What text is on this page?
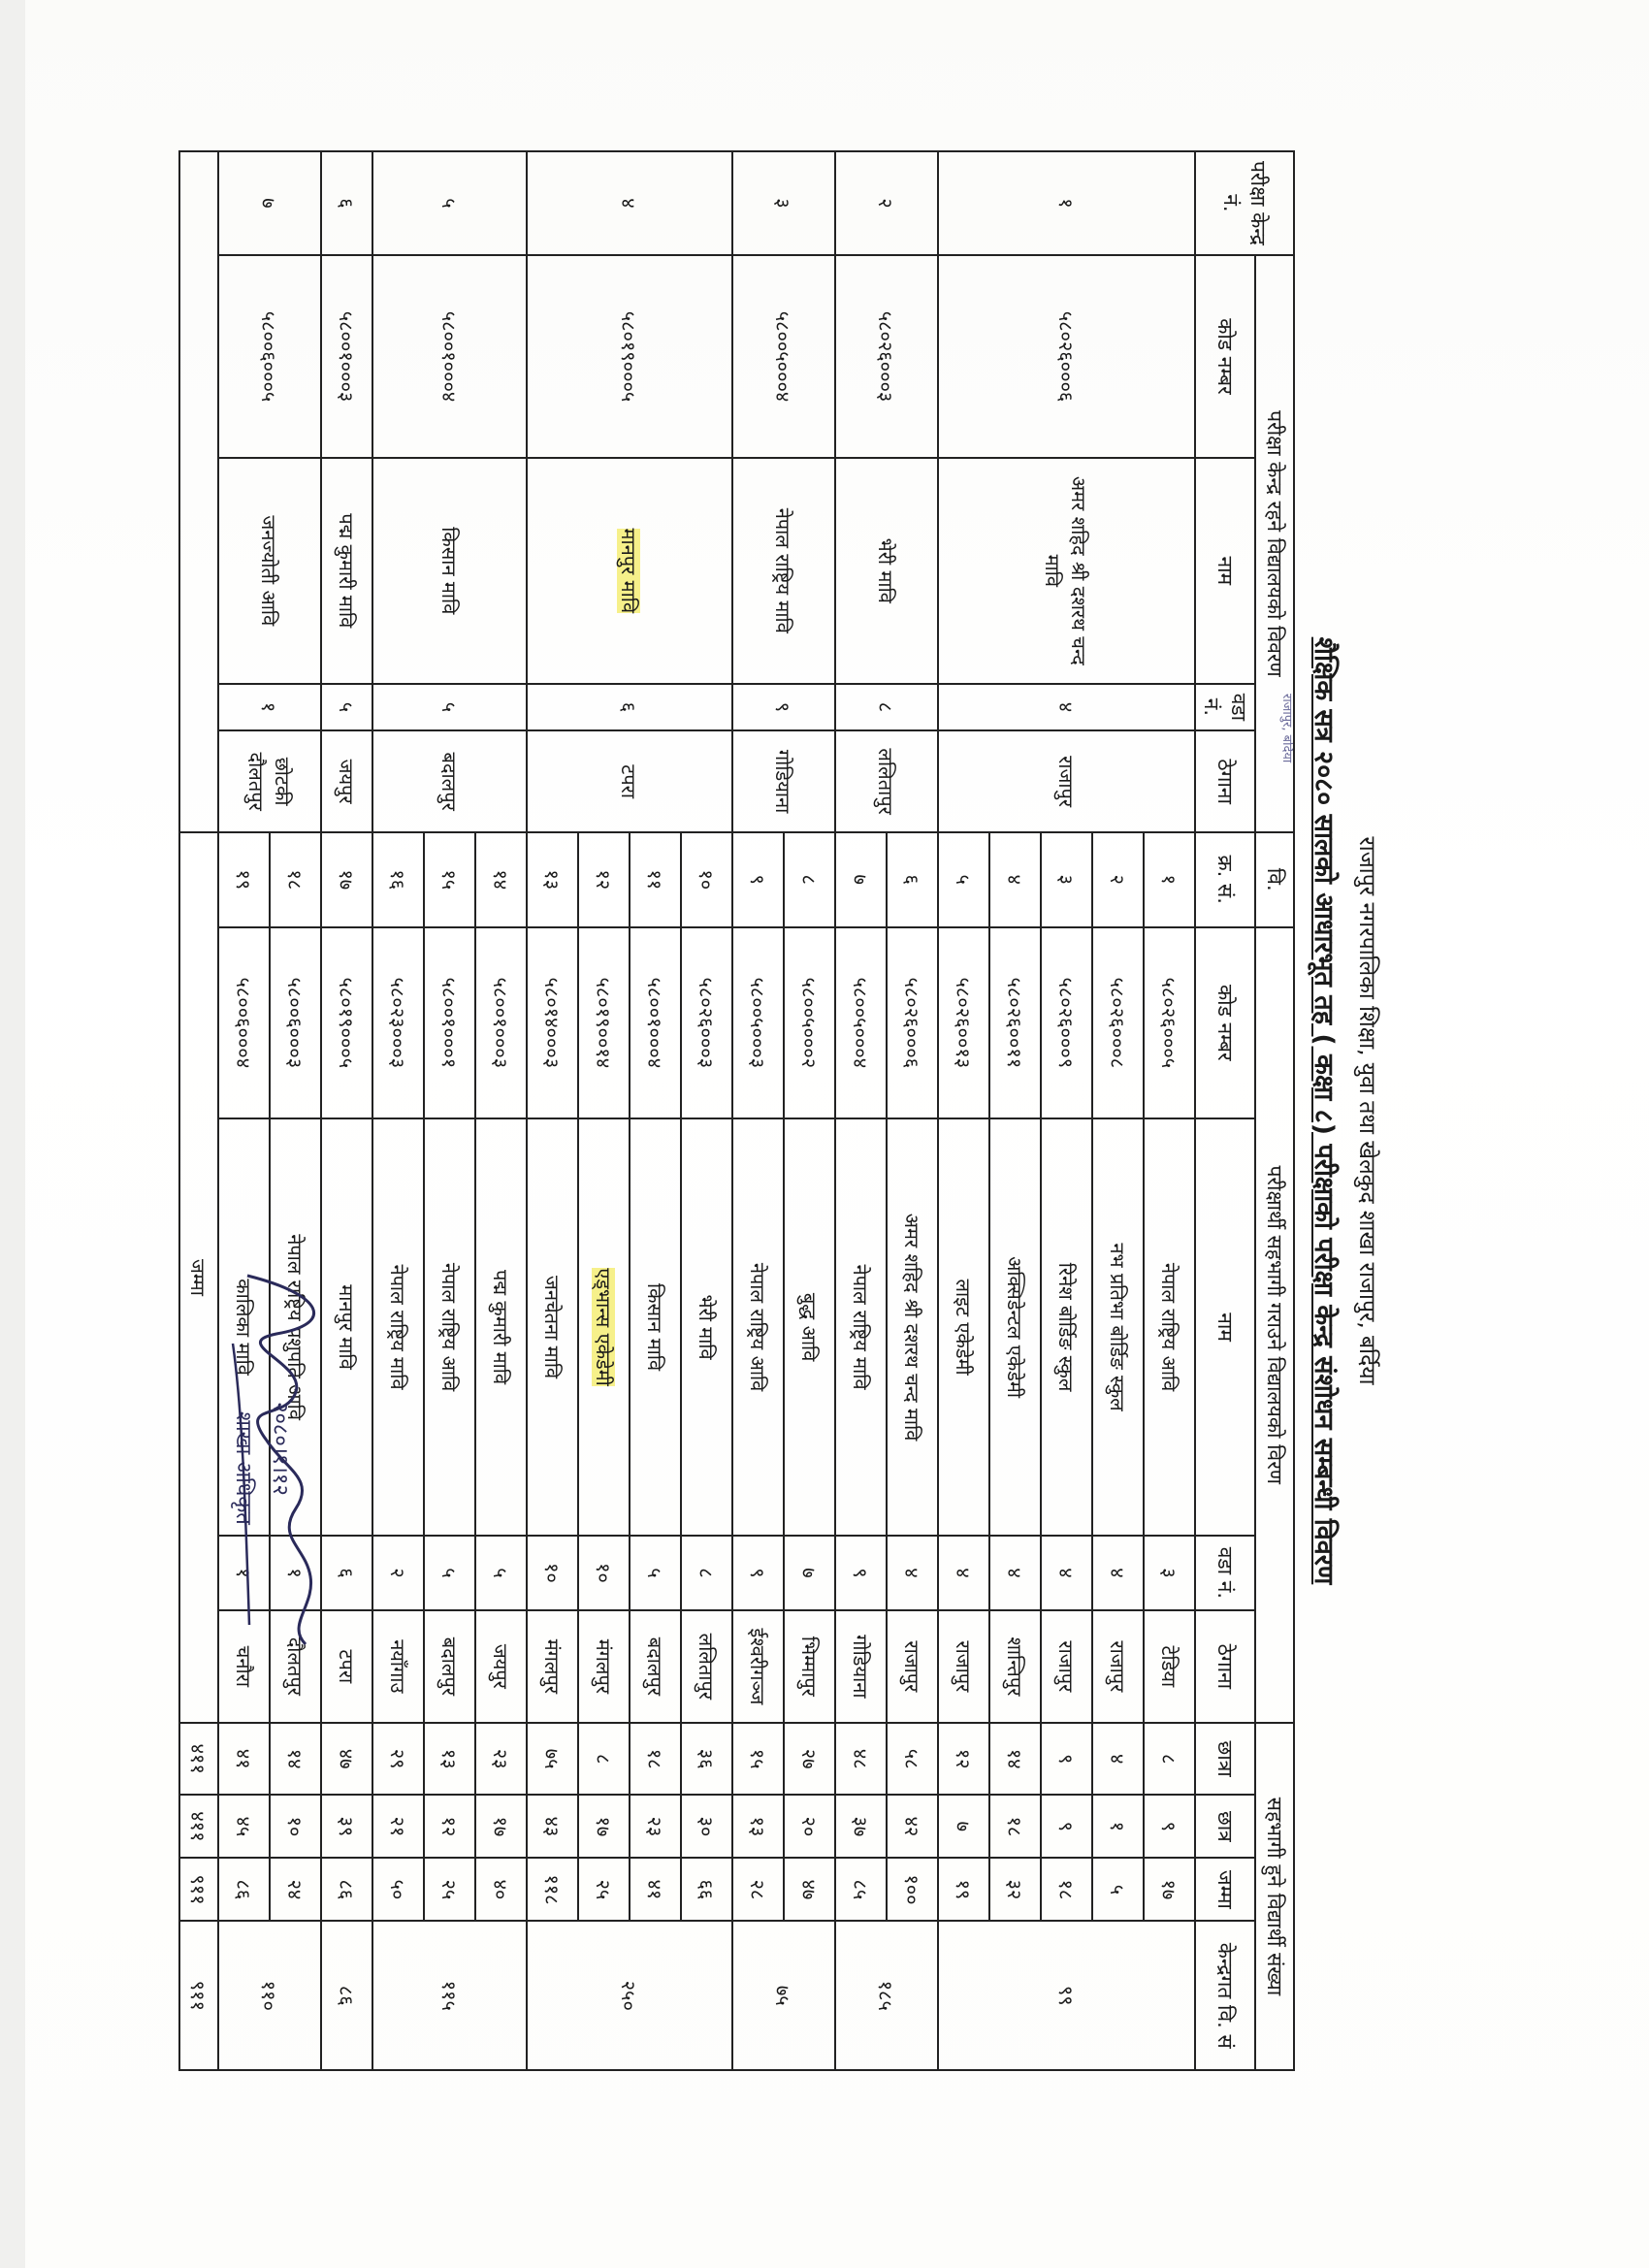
राजापुर नगरपालिका शिक्षा, युवा तथा खेलकुद शाखा राजापुर, बर्दिया
शैक्षिक सत्र २०८० सालको आधारभूत तह ( कक्षा ८) परीक्षाको परीक्षा केन्द्र संशोधन सम्बन्धी विवरण
राजापुर, बर्दिया
परीक्षा केन्द्र नं.	परीक्षा केन्द्र रहने विद्यालयको विवरण				वि.	परीक्षार्थी सहभागी गराउने विद्यालयको विरण				सहभागी हुने विद्यार्थी संख्या			
	कोड नम्बर	नाम	वडा नं.	ठेगाना	क्र. सं.	कोड नम्बर	नाम	वडा नं.	ठेगाना	छात्रा	छात्र	जम्मा	केन्द्रगत वि. सं
१	५८०२६०००६	अमर शहिद श्री दशरथ चन्द मावि	४	राजापुर	१	५८०२६०००५	नेपाल राष्ट्रिय आवि	३	टेडिया	८	९	१७	९९
					२	५८०२६०००८	नभ प्रतिभा बोर्डिङ स्कुल	४	राजापुर	४	१	५	
					३	५८०२६०००९	रिनेश बोर्डिङ स्कुल	४	राजापुर	९	९	१८	
					४	५८०२६००११	अक्सिडेन्टल एकेडेमी	४	शान्तिपुर	१४	१८	३२	
					५	५८०२६००१३	लाइट एकेडेमी	४	राजापुर	१२	७	१९	
२	५८०२६०००३	भेरी मावि	८	ललितापुर	६	५८०२६०००६	अमर शहिद श्री दशरथ चन्द मावि	४	राजापुर	५८	४२	१००	१८५
					७	५८००५०००४	नेपाल राष्ट्रिय मावि	९	गोडियाना	४८	३७	८५	
३	५८००५०००४	नेपाल राष्ट्रिय मावि	९	गोडियाना	८	५८००५०००२	बुद्ध आवि	७	भिम्मापुर	२७	२०	४७	७५
					९	५८००५०००३	नेपाल राष्ट्रिय आवि	९	ईश्वरीगञ्ज	१५	१३	२८	
४	५८०१९०००५	मानपुर मावि	६	टपरा	१०	५८०२६०००३	भेरी मावि	८	ललितापुर	३६	३०	६६	२५०
					११	५८००१०००४	किसान मावि	५	बदालपुर	१८	२३	४१	
					१२	५८०१९००१४	एड्भान्स एकेडेमी	१०	मंगलपुर	८	१७	२५	
					१३	५८०१४०००३	जनचेतना मावि	१०	मंगलपुर	७५	४३	११८	
५	५८००१०००४	किसान मावि	५	बदालपुर	१४	५८००१०००३	पद्म कुमारी मावि	५	जयपुर	२३	१७	४०	११५
					१५	५८००१०००१	नेपाल राष्ट्रिय आवि	५	बदालपुर	१३	१२	२५	
					१६	५८०२३०००३	नेपाल राष्ट्रिय मावि	२	नयाँगाउ	२९	२१	५०	
६	५८००१०००३	पद्म कुमारी मावि	५	जयपुर	१७	५८०१९०००५	मानपुर मावि	६	टपरा	४७	३९	८६	८६
७	५८००६०००५	जनज्योती आवि	१	छोटकी दौलतपुर	१८	५८००६०००३	नेपाल राष्ट्रिय पशुपति आवि	१	दौलतपुर	१४	१०	२४	११०
					१९	५८००६०००४	कालिका मावि	१	चनौरा	४१	४५	८६	
					जम्मा					४११	४११	९११	९११
२०८०।१।१२
शाखा अधिकृत
